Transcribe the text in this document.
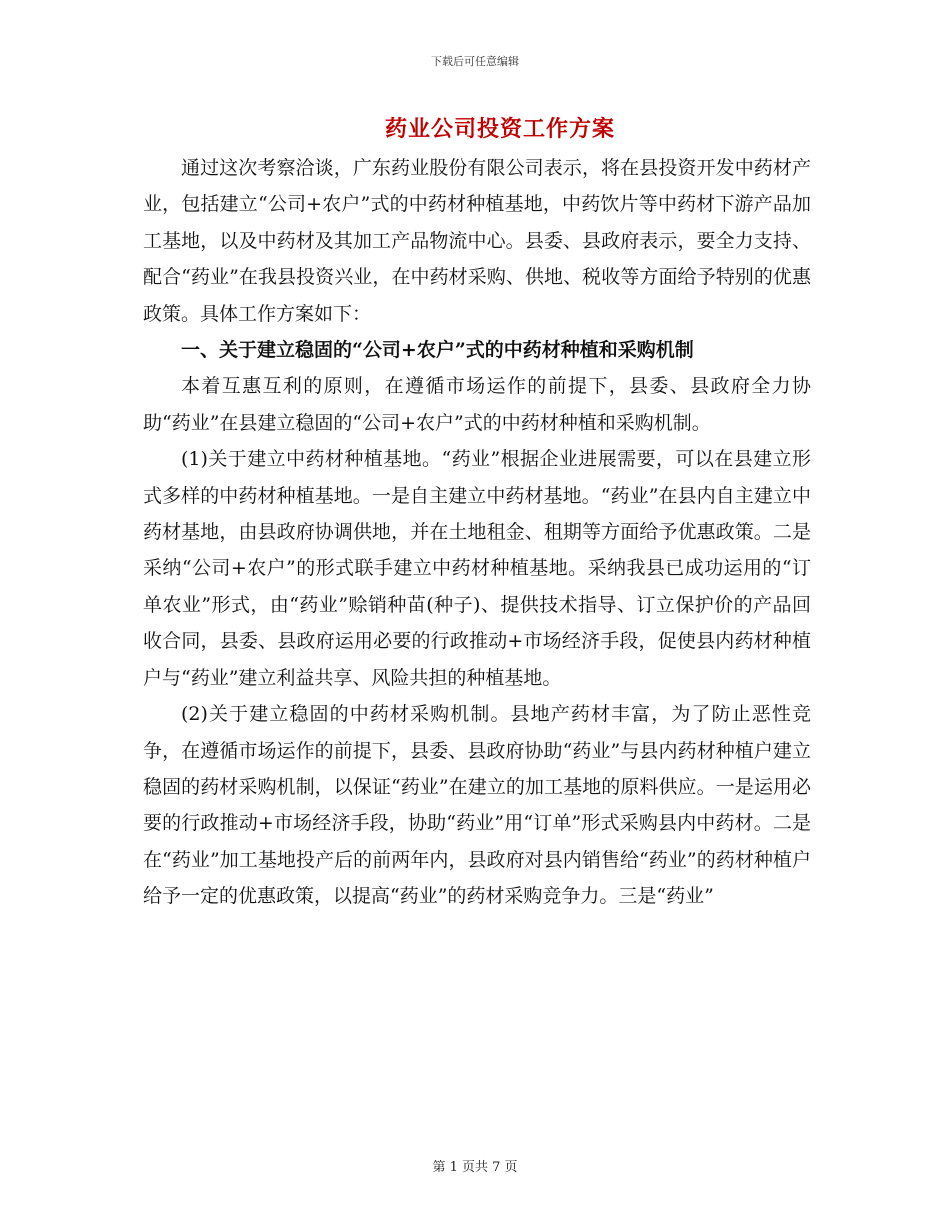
下载后可任意编辑
药业公司投资工作方案

通过这次考察洽谈，广东药业股份有限公司表示，将在县投资开发中药材产业，包括建立“公司+农户”式的中药材种植基地，中药饮片等中药材下游产品加工基地，以及中药材及其加工产品物流中心。县委、县政府表示，要全力支持、配合“药业”在我县投资兴业，在中药材采购、供地、税收等方面给予特别的优惠政策。具体工作方案如下：

一、关于建立稳固的“公司+农户”式的中药材种植和采购机制

本着互惠互利的原则，在遵循市场运作的前提下，县委、县政府全力协助“药业”在县建立稳固的“公司+农户”式的中药材种植和采购机制。

(1)关于建立中药材种植基地。“药业”根据企业进展需要，可以在县建立形式多样的中药材种植基地。一是自主建立中药材基地。“药业”在县内自主建立中药材基地，由县政府协调供地，并在土地租金、租期等方面给予优惠政策。二是采纳“公司+农户”的形式联手建立中药材种植基地。采纳我县已成功运用的“订单农业”形式，由“药业”赊销种苗(种子)、提供技术指导、订立保护价的产品回收合同，县委、县政府运用必要的行政推动+市场经济手段，促使县内药材种植户与“药业”建立利益共享、风险共担的种植基地。

(2)关于建立稳固的中药材采购机制。县地产药材丰富，为了防止恶性竞争，在遵循市场运作的前提下，县委、县政府协助“药业”与县内药材种植户建立稳固的药材采购机制，以保证“药业”在建立的加工基地的原料供应。一是运用必要的行政推动+市场经济手段，协助“药业”用“订单”形式采购县内中药材。二是在“药业”加工基地投产后的前两年内，县政府对县内销售给“药业”的药材种植户给予一定的优惠政策，以提高“药业”的药材采购竞争力。三是“药业”

第 1 页共 7 页
